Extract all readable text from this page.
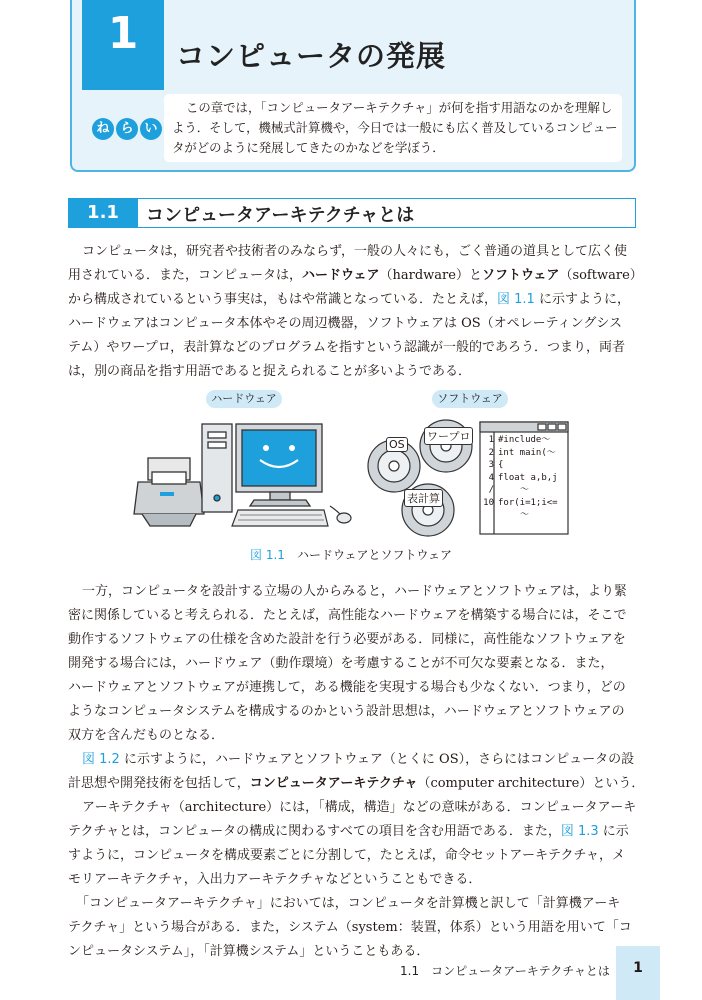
1	コンピュータの発展
ね ら い
この章では，「コンピュータアーキテクチャ」が何を指す用語なのかを理解し
よう．そして，機械式計算機や，今日では一般にも広く普及しているコンピュー
タがどのように発展してきたのかなどを学ぼう．
1.1	コンピュータアーキテクチャとは
コンピュータは，研究者や技術者のみならず，一般の人々にも，ごく普通の道具として広く使
用されている．また，コンピュータは，ハードウェア（hardware）とソフトウェア（software）
から構成されているという事実は，もはや常識となっている．たとえば，図 1.1 に示すように，
ハードウェアはコンピュータ本体やその周辺機器，ソフトウェアは OS（オペレーティングシス
テム）やワープロ，表計算などのプログラムを指すという認識が一般的であろう．つまり，両者
は，別の商品を指す用語であると捉えられることが多いようである．
ハードウェア	ソフトウェア
OS
ワープロ
表計算
1
2
3
4
/
10
#include～
int main(～
{
float a,b,j
～
for(i=1;i<=
～
図 1.1　 ハードウェアとソフトウェア
一方，コンピュータを設計する立場の人からみると，ハードウェアとソフトウェアは，より緊
密に関係していると考えられる．たとえば，高性能なハードウェアを構築する場合には，そこで
動作するソフトウェアの仕様を含めた設計を行う必要がある．同様に，高性能なソフトウェアを
開発する場合には，ハードウェア（動作環境）を考慮することが不可欠な要素となる．また，
ハードウェアとソフトウェアが連携して，ある機能を実現する場合も少なくない．つまり，どの
ようなコンピュータシステムを構成するのかという設計思想は，ハードウェアとソフトウェアの
双方を含んだものとなる．
図 1.2 に示すように，ハードウェアとソフトウェア（とくに OS），さらにはコンピュータの設
計思想や開発技術を包括して，コンピュータアーキテクチャ（computer architecture）という．
アーキテクチャ（architecture）には，「構成，構造」などの意味がある．コンピュータアーキ
テクチャとは，コンピュータの構成に関わるすべての項目を含む用語である．また，図 1.3 に示
すように，コンピュータを構成要素ごとに分割して，たとえば，命令セットアーキテクチャ，メ
モリアーキテクチャ，入出力アーキテクチャなどということもできる．
「コンピュータアーキテクチャ」においては，コンピュータを計算機と訳して「計算機アーキ
テクチャ」という場合がある．また，システム（system：装置，体系）という用語を用いて「コ
ンピュータシステム」，「計算機システム」ということもある．
1.1　コンピュータアーキテクチャとは	1
